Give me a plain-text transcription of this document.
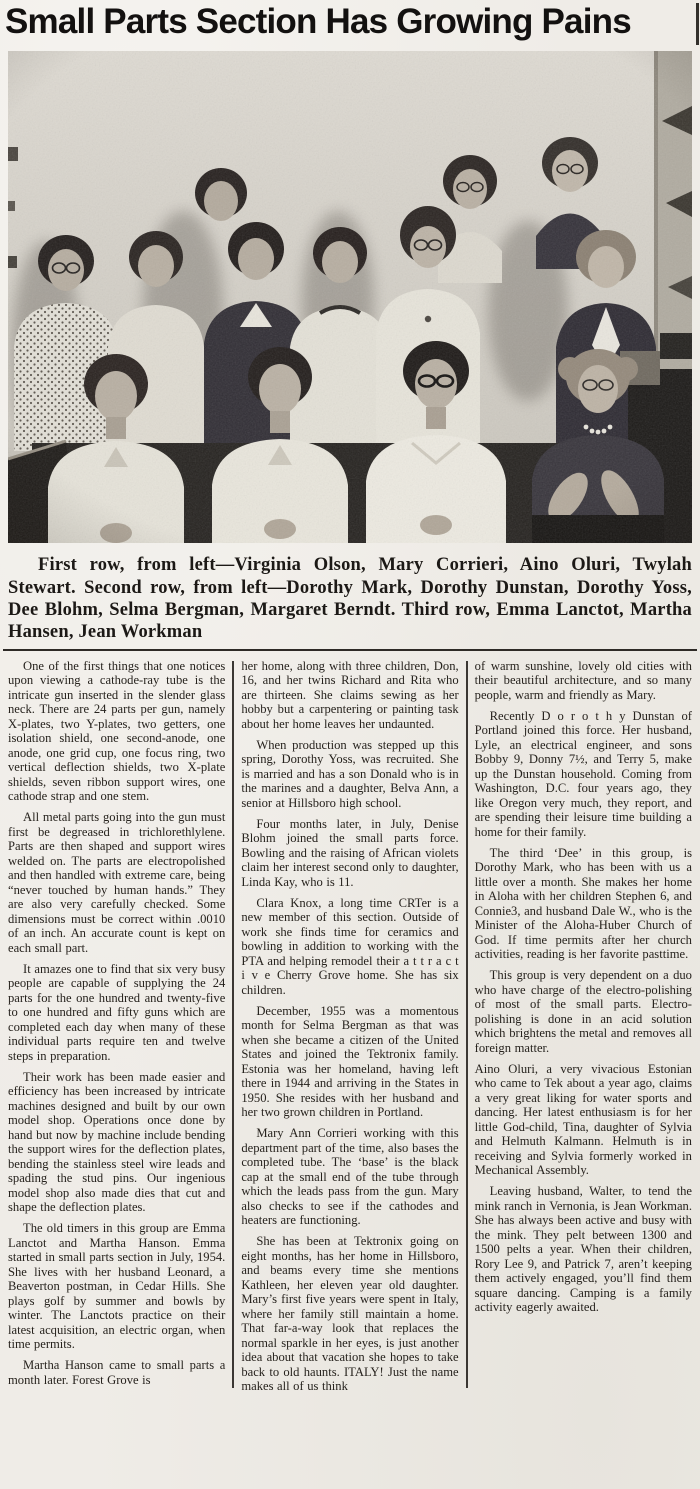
Small Parts Section Has Growing Pains

First row, from left—Virginia Olson, Mary Corrieri, Aino Oluri, Twylah Stewart. Second row, from left—Dorothy Mark, Dorothy Dunstan, Dorothy Yoss, Dee Blohm, Selma Bergman, Margaret Berndt. Third row, Emma Lanctot, Martha Hansen, Jean Workman

One of the first things that one notices upon viewing a cathode-ray tube is the intricate gun inserted in the slender glass neck. There are 24 parts per gun, namely X-plates, two Y-plates, two getters, one isolation shield, one second-anode, one anode, one grid cup, one focus ring, two vertical deflection shields, two X-plate shields, seven ribbon support wires, one cathode strap and one stem.

All metal parts going into the gun must first be degreased in trichlorethlylene. Parts are then shaped and support wires welded on. The parts are electropolished and then handled with extreme care, being “never touched by human hands.” They are also very carefully checked. Some dimensions must be correct within .0010 of an inch. An accurate count is kept on each small part.

It amazes one to find that six very busy people are capable of supplying the 24 parts for the one hundred and twenty-five to one hundred and fifty guns which are completed each day when many of these individual parts require ten and twelve steps in preparation.

Their work has been made easier and efficiency has been increased by intricate machines designed and built by our own model shop. Operations once done by hand but now by machine include bending the support wires for the deflection plates, bending the stainless steel wire leads and spading the stud pins. Our ingenious model shop also made dies that cut and shape the deflection plates.

The old timers in this group are Emma Lanctot and Martha Hanson. Emma started in small parts section in July, 1954. She lives with her husband Leonard, a Beaverton postman, in Cedar Hills. She plays golf by summer and bowls by winter. The Lanctots practice on their latest acquisition, an electric organ, when time permits.

Martha Hanson came to small parts a month later. Forest Grove is

her home, along with three children, Don, 16, and her twins Richard and Rita who are thirteen. She claims sewing as her hobby but a carpentering or painting task about her home leaves her undaunted.

When production was stepped up this spring, Dorothy Yoss, was recruited. She is married and has a son Donald who is in the marines and a daughter, Belva Ann, a senior at Hillsboro high school.

Four months later, in July, Denise Blohm joined the small parts force. Bowling and the raising of African violets claim her interest second only to daughter, Linda Kay, who is 11.

Clara Knox, a long time CRTer is a new member of this section. Outside of work she finds time for ceramics and bowling in addition to working with the PTA and helping remodel their a t t r a c t i v e Cherry Grove home. She has six children.

December, 1955 was a momentous month for Selma Bergman as that was when she became a citizen of the United States and joined the Tektronix family. Estonia was her homeland, having left there in 1944 and arriving in the States in 1950. She resides with her husband and her two grown children in Portland.

Mary Ann Corrieri working with this department part of the time, also bases the completed tube. The ‘base’ is the black cap at the small end of the tube through which the leads pass from the gun. Mary also checks to see if the cathodes and heaters are functioning.

She has been at Tektronix going on eight months, has her home in Hillsboro, and beams every time she mentions Kathleen, her eleven year old daughter. Mary’s first five years were spent in Italy, where her family still maintain a home. That far-a-way look that replaces the normal sparkle in her eyes, is just another idea about that vacation she hopes to take back to old haunts. ITALY! Just the name makes all of us think

of warm sunshine, lovely old cities with their beautiful architecture, and so many people, warm and friendly as Mary.

Recently D o r o t h y Dunstan of Portland joined this force. Her husband, Lyle, an electrical engineer, and sons Bobby 9, Donny 7½, and Terry 5, make up the Dunstan household. Coming from Washington, D.C. four years ago, they like Oregon very much, they report, and are spending their leisure time building a home for their family.

The third ‘Dee’ in this group, is Dorothy Mark, who has been with us a little over a month. She makes her home in Aloha with her children Stephen 6, and Connie3, and husband Dale W., who is the Minister of the Aloha-Huber Church of God. If time permits after her church activities, reading is her favorite pasttime.

This group is very dependent on a duo who have charge of the electro-polishing of most of the small parts. Electro-polishing is done in an acid solution which brightens the metal and removes all foreign matter.

Aino Oluri, a very vivacious Estonian who came to Tek about a year ago, claims a very great liking for water sports and dancing. Her latest enthusiasm is for her little God-child, Tina, daughter of Sylvia and Helmuth Kalmann. Helmuth is in receiving and Sylvia formerly worked in Mechanical Assembly.

Leaving husband, Walter, to tend the mink ranch in Vernonia, is Jean Workman. She has always been active and busy with the mink. They pelt between 1300 and 1500 pelts a year. When their children, Rory Lee 9, and Patrick 7, aren’t keeping them actively engaged, you’ll find them square dancing. Camping is a family activity eagerly awaited.
